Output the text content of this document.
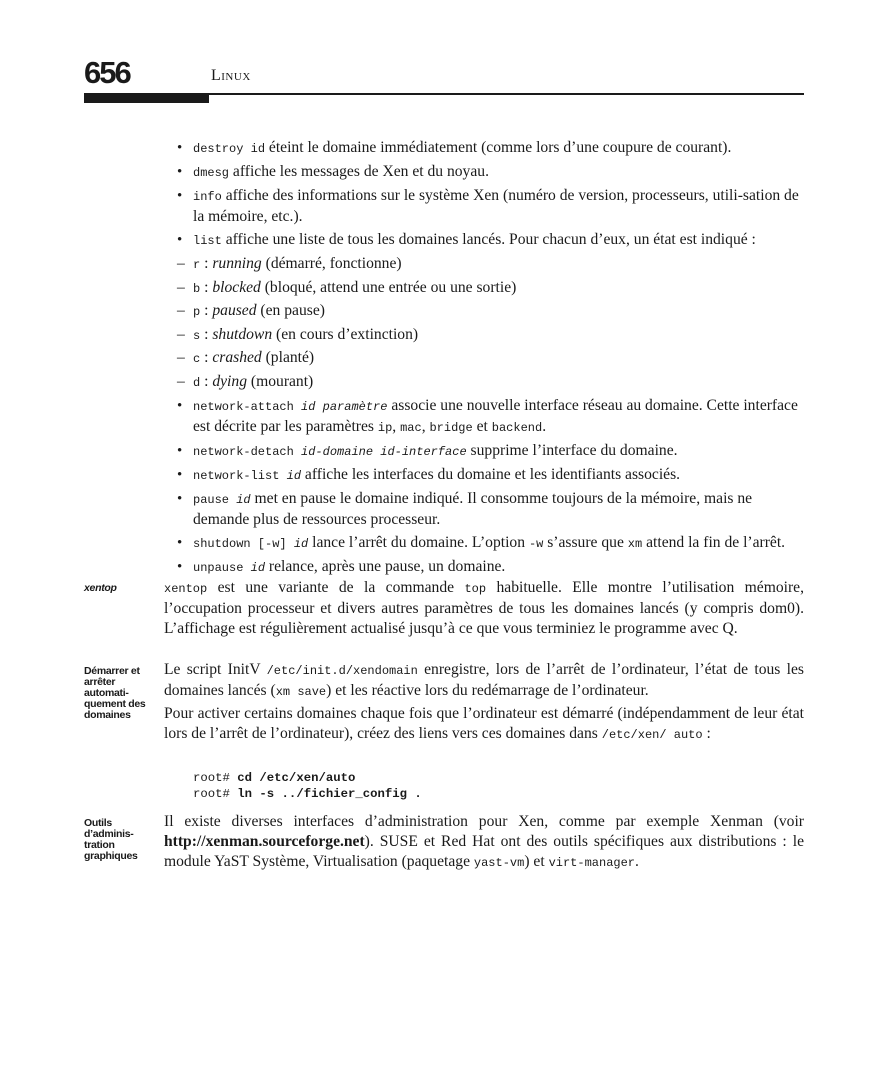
656	Linux
• destroy id éteint le domaine immédiatement (comme lors d’une coupure de courant).
• dmesg affiche les messages de Xen et du noyau.
• info affiche des informations sur le système Xen (numéro de version, processeurs, utili-sation de la mémoire, etc.).
• list affiche une liste de tous les domaines lancés. Pour chacun d’eux, un état est indiqué :
– r : running (démarré, fonctionne)
– b : blocked (bloqué, attend une entrée ou une sortie)
– p : paused (en pause)
– s : shutdown (en cours d’extinction)
– c : crashed (planté)
– d : dying (mourant)
• network-attach id paramètre associe une nouvelle interface réseau au domaine. Cette interface est décrite par les paramètres ip, mac, bridge et backend.
• network-detach id-domaine id-interface supprime l’interface du domaine.
• network-list id affiche les interfaces du domaine et les identifiants associés.
• pause id met en pause le domaine indiqué. Il consomme toujours de la mémoire, mais ne demande plus de ressources processeur.
• shutdown [-w] id lance l’arrêt du domaine. L’option -w s’assure que xm attend la fin de l’arrêt.
• unpause id relance, après une pause, un domaine.
xentop	xentop est une variante de la commande top habituelle. Elle montre l’utilisation mémoire, l’occupation processeur et divers autres paramètres de tous les domaines lancés (y compris dom0). L’affichage est régulièrement actualisé jusqu’à ce que vous terminiez le programme avec Q.

Démarrer et arrêter automati-quement des domaines

Le script InitV /etc/init.d/xendomain enregistre, lors de l’arrêt de l’ordinateur, l’état de tous les domaines lancés (xm save) et les réactive lors du redémarrage de l’ordinateur.

Pour activer certains domaines chaque fois que l’ordinateur est démarré (indépendamment de leur état lors de l’arrêt de l’ordinateur), créez des liens vers ces domaines dans /etc/xen/ auto :

root# cd /etc/xen/auto
root# ln -s ../fichier_config .
Outils d’adminis-tration graphiques

Il existe diverses interfaces d’administration pour Xen, comme par exemple Xenman (voir http://xenman.sourceforge.net). SUSE et Red Hat ont des outils spécifiques aux distributions : le module YaST Système, Virtualisation (paquetage yast-vm) et virt-manager.
